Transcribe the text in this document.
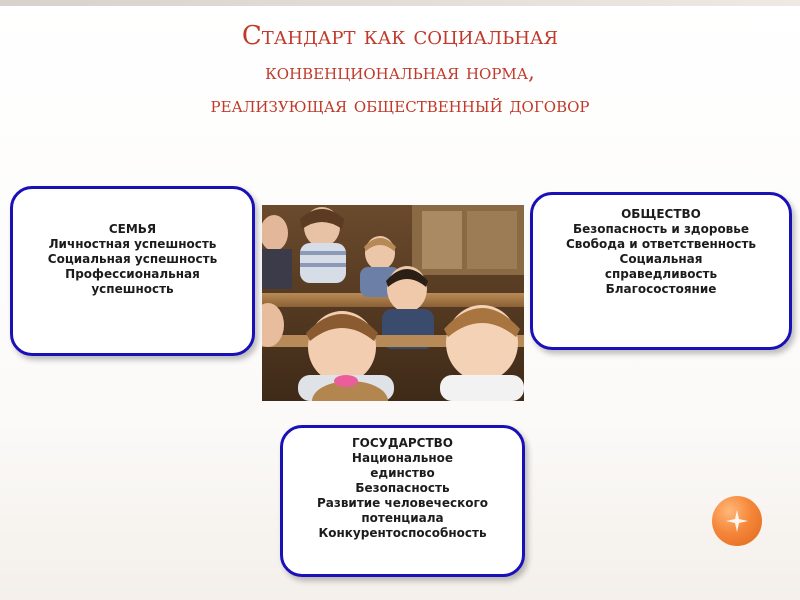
Стандарт как социальная
конвенциональная норма,
реализующая общественный договор
СЕМЬЯ
Личностная успешность
Социальная успешность
Профессиональная
успешность
ОБЩЕСТВО
Безопасность и здоровье
Свобода и ответственность
Социальная
справедливость
Благосостояние
ГОСУДАРСТВО
Национальное
единство
Безопасность
Развитие человеческого
потенциала
Конкурентоспособность
